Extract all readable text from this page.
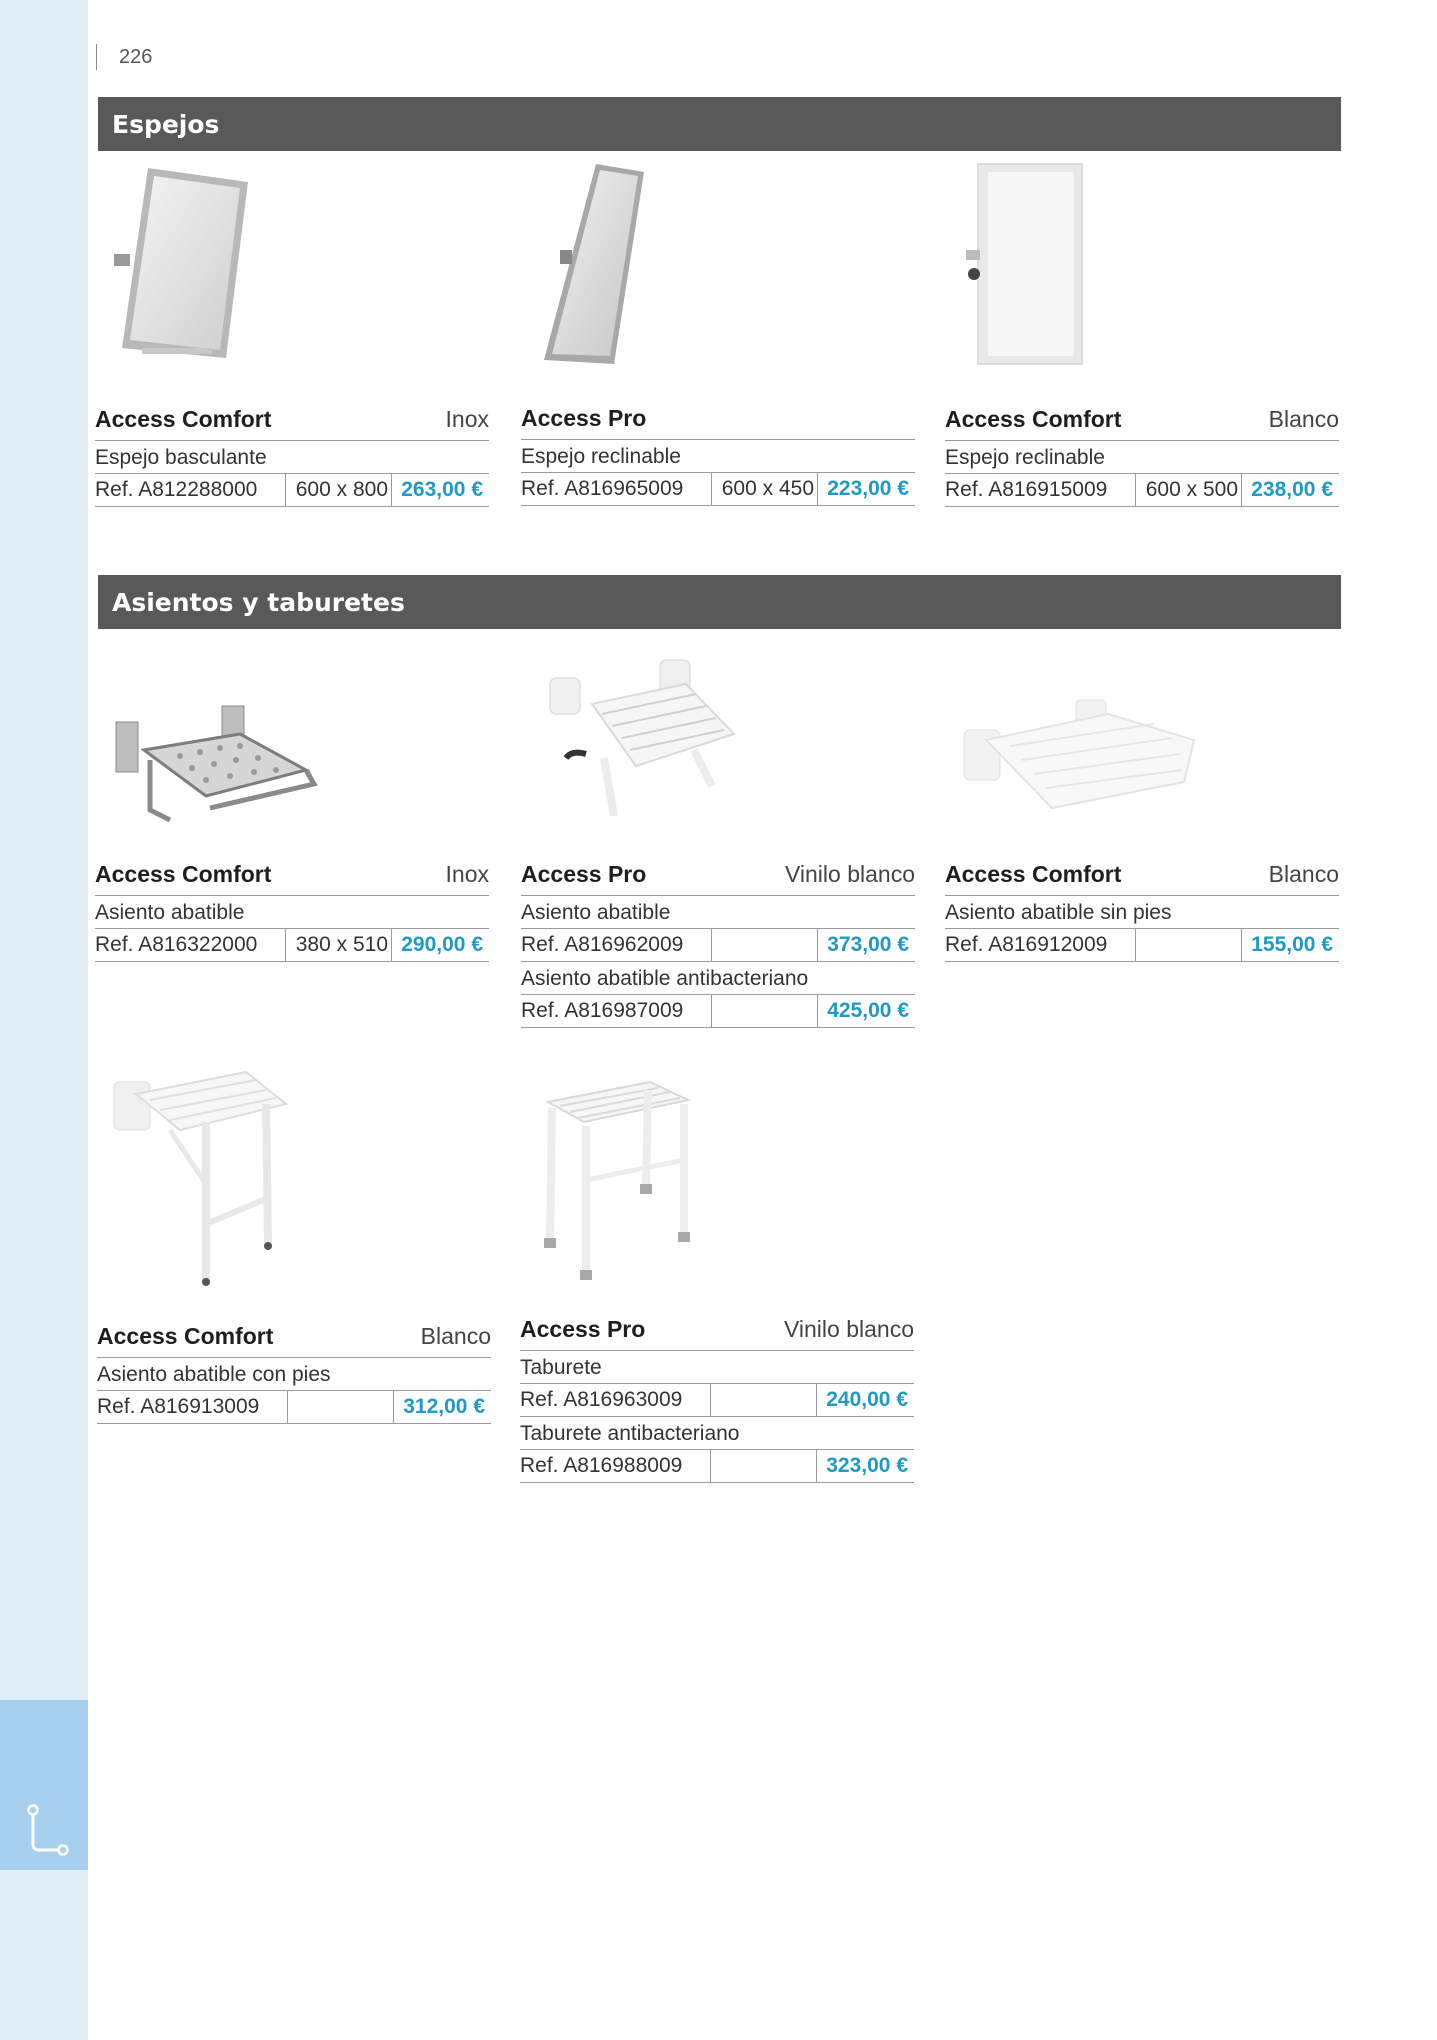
226
Espejos
Asientos y taburetes
Access Comfort	Inox
Espejo basculante
Ref. A812288000	600 x 800 263,00 €
Access Pro
Espejo reclinable
Ref. A816965009	600 x 450 223,00 €
Access Comfort	Blanco
Espejo reclinable
Ref. A816915009	600 x 500 238,00 €
Access Comfort	Inox
Asiento abatible
Ref. A816322000	380 x 510 290,00 €
Access Pro	Vinilo blanco
Asiento abatible
Ref. A816962009	373,00 €
Asiento abatible antibacteriano
Ref. A816987009	425,00 €
Access Comfort	Blanco
Asiento abatible sin pies
Ref. A816912009	155,00 €
Access Comfort	Blanco
Asiento abatible con pies
Ref. A816913009	312,00 €
Access Pro	Vinilo blanco
Taburete
Ref. A816963009	240,00 €
Taburete antibacteriano
Ref. A816988009	323,00 €
